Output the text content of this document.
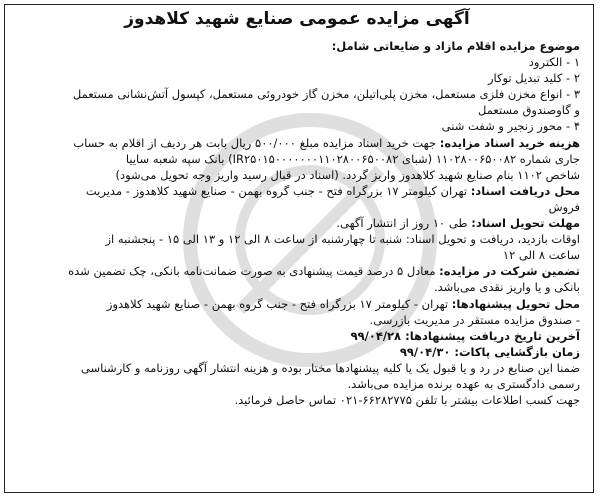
آگهی مزایده عمومی صنایع شهید کلاهدوز

موضوع مزایده اقلام مازاد و ضایعاتی شامل:

۱ - الکترود

۲ - کلید تبدیل توکار

۳ - انواع مخزن فلزی مستعمل، مخزن پلی‌اتیلن، مخزن گاز خودروئی مستعمل، کپسول آتش‌نشانی مستعمل

و گاوصندوق مستعمل

۴ - محور زنجیر و شفت شنی

هزینه خرید اسناد مزایده: جهت خرید اسناد مزایده مبلغ ۵۰۰/۰۰۰ ریال بابت هر ردیف از اقلام به حساب

جاری شماره ۱۱۰۲۸۰۰۶۵۰۰۸۲ (شبای IR۲۵۰۱۵۰۰۰۰۰۰۰۱۱۰۲۸۰۰۶۵۰۰۸۲) بانک سپه شعبه ساییا

شاخص ۱۱۰۲ بنام صنایع شهید کلاهدوز واریز گردد. (اسناد در قبال رسید واریز وجه تحویل می‌شود)

محل دریافت اسناد: تهران کیلومتر ۱۷ بزرگراه فتح - جنب گروه بهمن - صنایع شهید کلاهدوز - مدیریت

فروش

مهلت تحویل اسناد: طی ۱۰ روز از انتشار آگهی.

اوقات بازدید، دریافت و تحویل اسناد: شنبه تا چهارشنبه از ساعت ۸ الی ۱۲ و ۱۳ الی ۱۵ - پنجشنبه از

ساعت ۸ الی ۱۲

تضمین شرکت در مزایده: معادل ۵ درصد قیمت پیشنهادی به صورت ضمانت‌نامه بانکی، چک تضمین شده

بانکی و یا واریز نقدی می‌باشد.

محل تحویل پیشنهادها: تهران - کیلومتر ۱۷ بزرگراه فتح - جنب گروه بهمن - صنایع شهید کلاهدوز

- صندوق مزایده مستقر در مدیریت بازرسی.

آخرین تاریخ دریافت پیشنهادها: ۹۹/۰۴/۲۸

زمان بازگشایی پاکات: ۹۹/۰۴/۳۰

ضمنا این صنایع در رد و یا قبول یک یا کلیه پیشنهادها مختار بوده و هزینه انتشار آگهی روزنامه و کارشناسی

رسمی دادگستری به عهده برنده مزایده می‌باشد.

جهت کسب اطلاعات بیشتر با تلفن ۶۶۲۸۲۷۷۵-۰۲۱ تماس حاصل فرمائید.
